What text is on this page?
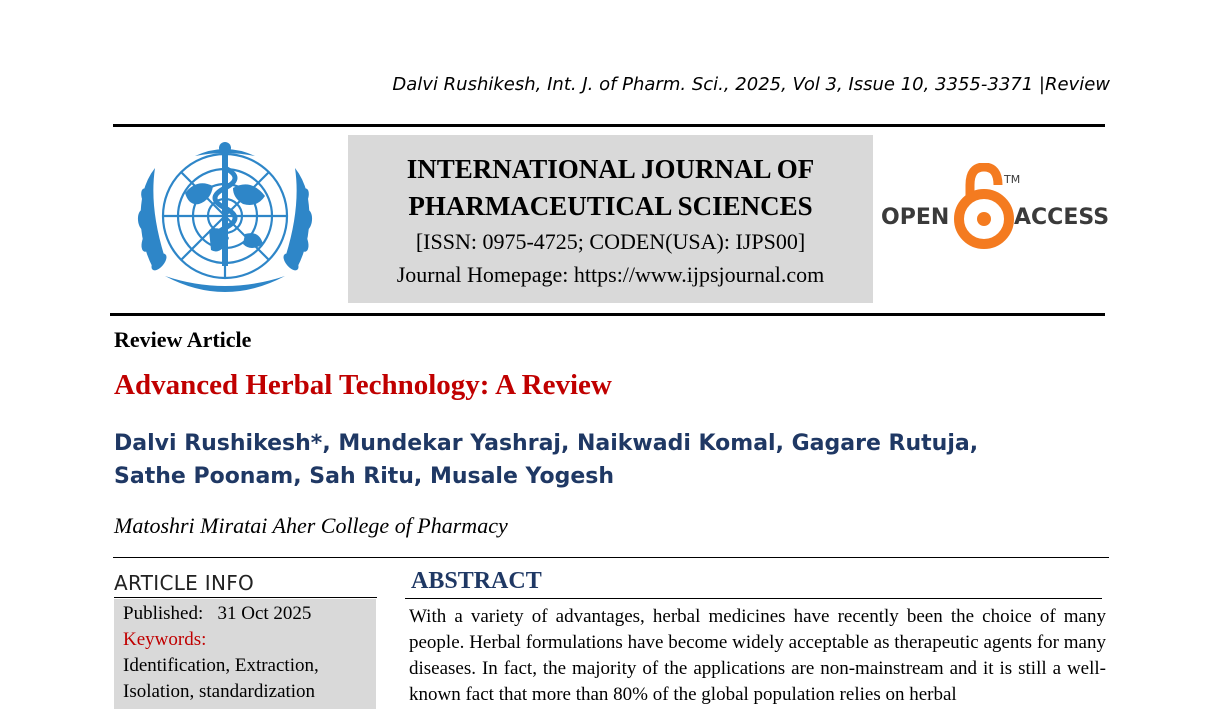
Dalvi Rushikesh, Int. J. of Pharm. Sci., 2025, Vol 3, Issue 10, 3355-3371 |Review
INTERNATIONAL JOURNAL OF
PHARMACEUTICAL SCIENCES
[ISSN: 0975-4725; CODEN(USA): IJPS00]
Journal Homepage: https://www.ijpsjournal.com
OPEN	ACCESS
TM
Review Article
Advanced Herbal Technology: A Review
Dalvi Rushikesh*, Mundekar Yashraj, Naikwadi Komal, Gagare Rutuja, Sathe Poonam, Sah Ritu, Musale Yogesh
Matoshri Miratai Aher College of Pharmacy
ARTICLE INFO
Published: 31 Oct 2025
Keywords:
Identification, Extraction, Isolation, standardization
ABSTRACT
With a variety of advantages, herbal medicines have recently been the choice of many people. Herbal formulations have become widely acceptable as therapeutic agents for many diseases. In fact, the majority of the applications are non-mainstream and it is still a well-known fact that more than 80% of the global population relies on herbal
